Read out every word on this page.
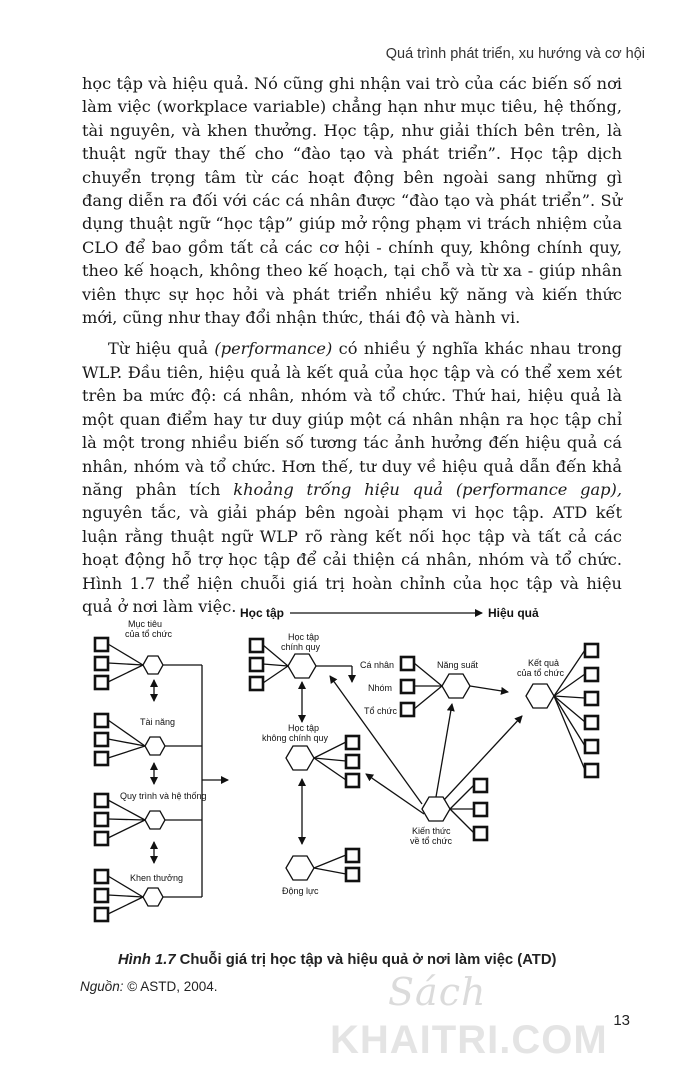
Quá trình phát triển, xu hướng và cơ hội

học tập và hiệu quả. Nó cũng ghi nhận vai trò của các biến số nơi làm việc (workplace variable) chẳng hạn như mục tiêu, hệ thống, tài nguyên, và khen thưởng. Học tập, như giải thích bên trên, là thuật ngữ thay thế cho “đào tạo và phát triển”. Học tập dịch chuyển trọng tâm từ các hoạt động bên ngoài sang những gì đang diễn ra đối với các cá nhân được “đào tạo và phát triển”. Sử dụng thuật ngữ “học tập” giúp mở rộng phạm vi trách nhiệm của CLO để bao gồm tất cả các cơ hội - chính quy, không chính quy, theo kế hoạch, không theo kế hoạch, tại chỗ và từ xa - giúp nhân viên thực sự học hỏi và phát triển nhiều kỹ năng và kiến thức mới, cũng như thay đổi nhận thức, thái độ và hành vi.

Từ hiệu quả (performance) có nhiều ý nghĩa khác nhau trong WLP. Đầu tiên, hiệu quả là kết quả của học tập và có thể xem xét trên ba mức độ: cá nhân, nhóm và tổ chức. Thứ hai, hiệu quả là một quan điểm hay tư duy giúp một cá nhân nhận ra học tập chỉ là một trong nhiều biến số tương tác ảnh hưởng đến hiệu quả cá nhân, nhóm và tổ chức. Hơn thế, tư duy về hiệu quả dẫn đến khả năng phân tích khoảng trống hiệu quả (performance gap), nguyên tắc, và giải pháp bên ngoài phạm vi học tập. ATD kết luận rằng thuật ngữ WLP rõ ràng kết nối học tập và tất cả các hoạt động hỗ trợ học tập để cải thiện cá nhân, nhóm và tổ chức. Hình 1.7 thể hiện chuỗi giá trị hoàn chỉnh của học tập và hiệu quả ở nơi làm việc. Học tập	Hiệu quả
Mục tiêu
của tổ chức
Tài năng
Quy trình và hệ thống
Khen thưởng
Học tập
chính quy
Học tập
không chính quy
Động lực
Kiến thức
về tổ chức
Cá nhân
Nhóm
Tổ chức
Năng suất	Kết quả
của tổ chức
Hình 1.7 Chuỗi giá trị học tập và hiệu quả ở nơi làm việc (ATD)
Nguồn: © ASTD, 2004.	Sách
KHAITRI.COM 13
